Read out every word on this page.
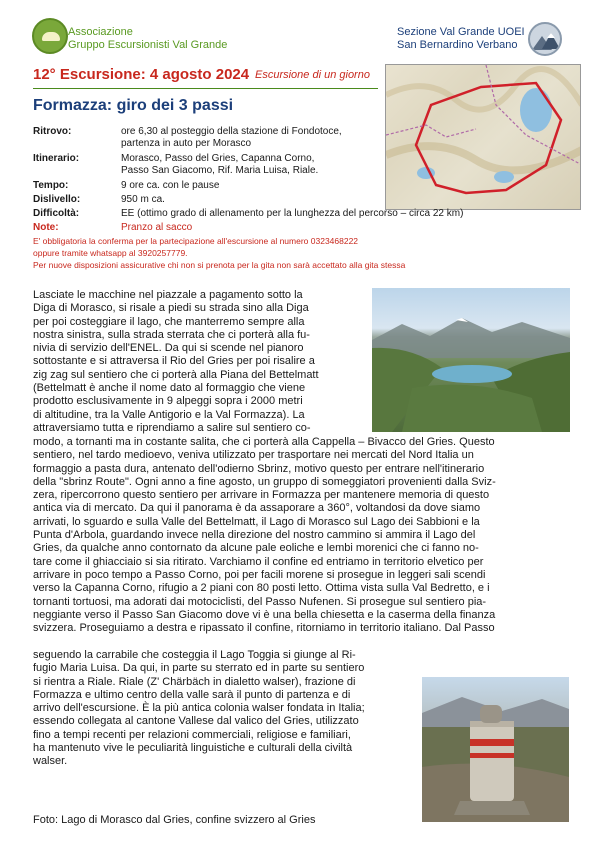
Associazione
Gruppo Escursionisti Val Grande
Sezione Val Grande UOEI
San Bernardino Verbano
12° Escursione: 4 agosto 2024 Escursione di un giorno
Formazza: giro dei 3 passi
Ritrovo:	ore 6,30 al posteggio della stazione di Fondotoce,
partenza in auto per Morasco
Itinerario:	Morasco, Passo del Gries, Capanna Corno,
Passo San Giacomo, Rif. Maria Luisa, Riale.
Tempo:	9 ore ca. con le pause
Dislivello:	950 m ca.
Difficoltà:	EE (ottimo grado di allenamento per la lunghezza del percorso – circa 22 km)
Note:	Pranzo al sacco
E' obbligatoria la conferma per la partecipazione all'escursione al numero 0323468222
oppure tramite whatsapp al 3920257779.
Per nuove disposizioni assicurative chi non si prenota per la gita non sarà accettato alla gita stessa
Lasciate le macchine nel piazzale a pagamento sotto la
Diga di Morasco, si risale a piedi su strada sino alla Diga
per poi costeggiare il lago, che manterremo sempre alla
nostra sinistra, sulla strada sterrata che ci porterà alla fu-
nivia di servizio dell'ENEL. Da qui si scende nel pianoro
sottostante e si attraversa il Rio del Gries per poi risalire a
zig zag sul sentiero che ci porterà alla Piana del Bettelmatt
(Bettelmatt è anche il nome dato al formaggio che viene
prodotto esclusivamente in 9 alpeggi sopra i 2000 metri
di altitudine, tra la Valle Antigorio e la Val Formazza). La
attraversiamo tutta e riprendiamo a salire sul sentiero co-
modo, a tornanti ma in costante salita, che ci porterà alla Cappella – Bivacco del Gries. Questo
sentiero, nel tardo medioevo, veniva utilizzato per trasportare nei mercati del Nord Italia un
formaggio a pasta dura, antenato dell'odierno Sbrinz, motivo questo per entrare nell'itinerario
della "sbrinz Route". Ogni anno a fine agosto, un gruppo di someggiatori provenienti dalla Sviz-
zera, ripercorrono questo sentiero per arrivare in Formazza per mantenere memoria di questo
antica via di mercato. Da qui il panorama è da assaporare a 360°, voltandosi da dove siamo
arrivati, lo sguardo e sulla Valle del Bettelmatt, il Lago di Morasco sul Lago dei Sabbioni e la
Punta d'Arbola, guardando invece nella direzione del nostro cammino si ammira il Lago del
Gries, da qualche anno contornato da alcune pale eoliche e lembi morenici che ci fanno no-
tare come il ghiacciaio si sia ritirato. Varchiamo il confine ed entriamo in territorio elvetico per
arrivare in poco tempo a Passo Corno, poi per facili morene si prosegue in leggeri sali scendi
verso la Capanna Corno, rifugio a 2 piani con 80 posti letto. Ottima vista sulla Val Bedretto, e i
tornanti tortuosi, ma adorati dai motociclisti, del Passo Nufenen. Si prosegue sul sentiero pia-
neggiante verso il Passo San Giacomo dove vi è una bella chiesetta e la caserma della finanza
svizzera. Proseguiamo a destra e ripassato il confine, ritorniamo in territorio italiano. Dal Passo
seguendo la carrabile che costeggia il Lago Toggia si giunge al Ri-
fugio Maria Luisa. Da qui, in parte su sterrato ed in parte su sentiero
si rientra a Riale. Riale (Z' Chärbäch in dialetto walser), frazione di
Formazza e ultimo centro della valle sarà il punto di partenza e di
arrivo dell'escursione. È la più antica colonia walser fondata in Italia;
essendo collegata al cantone Vallese dal valico del Gries, utilizzato
fino a tempi recenti per relazioni commerciali, religiose e familiari,
ha mantenuto vive le peculiarità linguistiche e culturali della civiltà
walser.
Foto: Lago di Morasco dal Gries, confine svizzero al Gries
